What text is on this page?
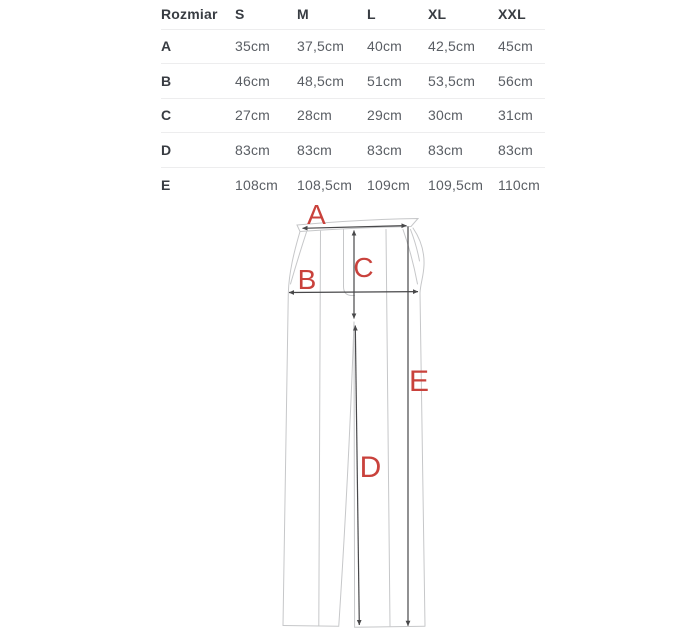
Rozmiar	S	M	L	XL	XXL
A	35cm	37,5cm	40cm	42,5cm	45cm
B	46cm	48,5cm	51cm	53,5cm	56cm
C	27cm	28cm	29cm	30cm	31cm
D	83cm	83cm	83cm	83cm	83cm
E	108cm	108,5cm	109cm	109,5cm	110cm
A
B C
D
E
